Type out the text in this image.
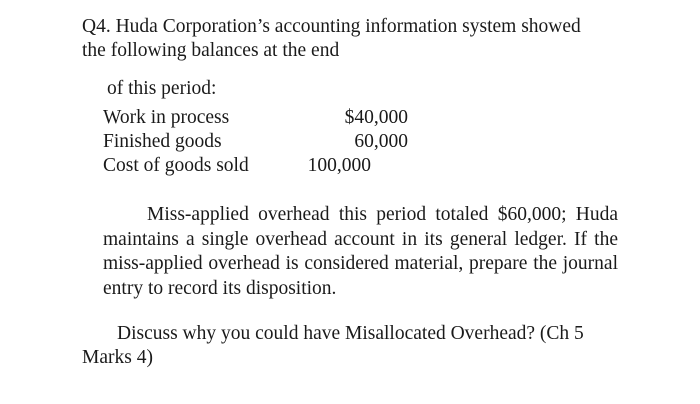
Q4. Huda Corporation’s accounting information system showed
the following balances at the end
of this period:
Work in process	$40,000
Finished goods	60,000
Cost of goods sold	100,000
Miss-applied overhead this period totaled $60,000; Huda maintains a single overhead account in its general ledger. If the miss-applied overhead is considered material, prepare the journal entry to record its disposition.
Discuss why you could have Misallocated Overhead? (Ch 5
Marks 4)
